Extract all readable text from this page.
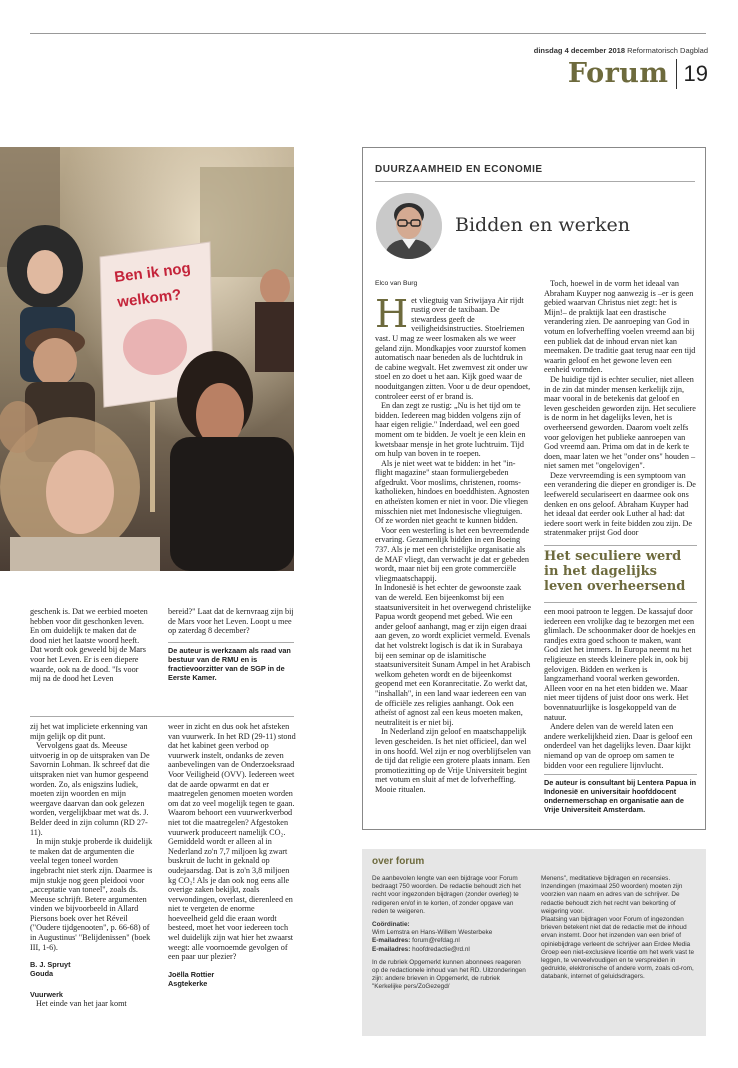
dinsdag 4 december 2018 Reformatorisch Dagblad
Forum 19
Ben ik nog
welkom?

geschenk is. Dat we eerbied moeten hebben voor dit geschonken leven. En om duidelijk te maken dat de dood niet het laatste woord heeft. Dat wordt ook geweeld bij de Mars voor het Leven. Er is een diepere waarde, ook na de dood. "Is voor mij na de dood het Leven

bereid?" Laat dat de kernvraag zijn bij de Mars voor het Leven. Loopt u mee op zaterdag 8 december?

De auteur is werkzaam als raad van bestuur van de RMU en is fractievoorzitter van de SGP in de Eerste Kamer.

zij het wat impliciete erkenning van mijn gelijk op dit punt.

Vervolgens gaat ds. Meeuse uitvoerig in op de uitspraken van De Savornin Lohman. Ik schreef dat die uitspraken niet van humor gespeend worden. Zo, als enigszins ludiek, moeten zijn woorden en mijn weergave daarvan dan ook gelezen worden, vergelijkbaar met wat ds. J. Belder deed in zijn column (RD 27-11).

In mijn stukje proberde ik duidelijk te maken dat de argumenten die veelal tegen toneel worden ingebracht niet sterk zijn. Daarmee is mijn stukje nog geen pleidooi voor „acceptatie van toneel", zoals ds. Meeuse schrijft. Betere argumenten vinden we bijvoorbeeld in Allard Piersons boek over het Réveil ("Oudere tijdgenooten", p. 66-68) of in Augustinus' "Belijdenissen" (boek III, 1-6).

B. J. Spruyt

Gouda

Vuurwerk

Het einde van het jaar komt

weer in zicht en dus ook het afsteken van vuurwerk. In het RD (29-11) stond dat het kabinet geen verbod op vuurwerk instelt, ondanks de zeven aanbevelingen van de Onderzoeksraad Voor Veiligheid (OVV). Iedereen weet dat de aarde opwarmt en dat er maatregelen genomen moeten worden om dat zo veel mogelijk tegen te gaan. Waarom behoort een vuurwerkverbod niet tot die maatregelen? Afgestoken vuurwerk produceert namelijk CO₂. Gemiddeld wordt er alleen al in Nederland zo'n 7,7 miljoen kg zwart buskruit de lucht in geknald op oudejaarsdag. Dat is zo'n 3,8 miljoen kg CO₂! Als je dan ook nog eens alle overige zaken bekijkt, zoals verwondingen, overlast, dierenleed en niet te vergeten de enorme hoeveelheid geld die eraan wordt besteed, moet het voor iedereen toch wel duidelijk zijn wat hier het zwaarst weegt: alle voornoemde gevolgen of een paar uur plezier?

Joëlla Rottier

Asgtekerke

DUURZAAMHEID EN ECONOMIE
Bidden en werken

Elco van Burg

Het vliegtuig van Sriwijaya Air rijdt rustig over de taxibaan. De stewardess geeft de veiligheidsinstructies. Stoelriemen vast. U mag ze weer losmaken als we weer geland zijn. Mondkapjes voor zuurstof komen automatisch naar beneden als de luchtdruk in de cabine wegvalt. Het zwemvest zit onder uw stoel en zo doet u het aan. Kijk goed waar de nooduitgangen zitten. Voor u de deur opendoet, controleer eerst of er brand is.

En dan zegt ze rustig: „Nu is het tijd om te bidden. Iedereen mag bidden volgens zijn of haar eigen religie." Inderdaad, wel een goed moment om te bidden. Je voelt je een klein en kwetsbaar mensje in het grote luchtruim. Tijd om hulp van boven in te roepen.

Als je niet weet wat te bidden: in het "in-flight magazine" staan formuliergebeden afgedrukt. Voor moslims, christenen, rooms-katholieken, hindoes en boeddhisten. Agnosten en atheïsten komen er niet in voor. Die vliegen misschien niet met Indonesische vliegtuigen. Of ze worden niet geacht te kunnen bidden.

Voor een westerling is het een bevreemdende ervaring. Gezamenlijk bidden in een Boeing 737. Als je met een christelijke organisatie als de MAF vliegt, dan verwacht je dat er gebeden wordt, maar niet bij een grote commerciële vliegmaatschappij.

In Indonesië is het echter de gewoonste zaak van de wereld. Een bijeenkomst bij een staatsuniversiteit in het overwegend christelijke Papua wordt geopend met gebed. Wie een ander geloof aanhangt, mag er zijn eigen draai aan geven, zo wordt expliciet vermeld. Evenals dat het volstrekt logisch is dat ik in Surabaya bij een seminar op de islamitische staatsuniversiteit Sunam Ampel in het Arabisch welkom geheten wordt en de bijeenkomst geopend met een Koranrecitatie. Zo werkt dat, "inshallah", in een land waar iedereen een van de officiële zes religies aanhangt. Ook een atheïst of agnost zal een keus moeten maken, neutraliteit is er niet bij.

In Nederland zijn geloof en maatschappelijk leven gescheiden. Is het niet officieel, dan wel in ons hoofd. Wel zijn er nog overblijfselen van de tijd dat religie een grotere plaats innam. Een promotiezitting op de Vrije Universiteit begint met votum en sluit af met de lofverheffing. Mooie ritualen.

Toch, hoewel in de vorm het ideaal van Abraham Kuyper nog aanwezig is –er is geen gebied waarvan Christus niet zegt: het is Mijn!– de praktijk laat een drastische verandering zien. De aanroeping van God in votum en lofverheffing voelen vreemd aan bij een publiek dat de inhoud ervan niet kan meemaken. De traditie gaat terug naar een tijd waarin geloof en het gewone leven een eenheid vormden.

De huidige tijd is echter seculier, niet alleen in de zin dat minder mensen kerkelijk zijn, maar vooral in de betekenis dat geloof en leven gescheiden geworden zijn. Het seculiere is de norm in het dagelijks leven, het is overheersend geworden. Daarom voelt zelfs voor gelovigen het publieke aanroepen van God vreemd aan. Prima om dat in de kerk te doen, maar laten we het "onder ons" houden – niet samen met "ongelovigen".

Deze vervreemding is een symptoom van een verandering die dieper en grondiger is. De leefwereld seculariseert en daarmee ook ons denken en ons geloof. Abraham Kuyper had het ideaal dat eerder ook Luther al had: dat iedere soort werk in feite bidden zou zijn. De stratenmaker prijst God door

Het seculiere werd in het dagelijks leven overheersend

een mooi patroon te leggen. De kassajuf door iedereen een vrolijke dag te bezorgen met een glimlach. De schoonmaker door de hoekjes en randjes extra goed schoon te maken, want God ziet het immers. In Europa neemt nu het religieuze en steeds kleinere plek in, ook bij gelovigen. Bidden en werken is langzamerhand vooral werken geworden. Alleen voor en na het eten bidden we. Maar niet meer tijdens of juist door ons werk. Het bovennatuurlijke is losgekoppeld van de natuur.

Andere delen van de wereld laten een andere werkelijkheid zien. Daar is geloof een onderdeel van het dagelijks leven. Daar kijkt niemand op van de oproep om samen te bidden voor een reguliere lijnvlucht.

De auteur is consultant bij Lentera Papua in Indonesië en universitair hoofddocent ondernemerschap en organisatie aan de Vrije Universiteit Amsterdam.

over forum

De aanbevolen lengte van een bijdrage voor Forum bedraagt 750 woorden. De redactie behoudt zich het recht voor ingezonden bijdragen (zonder overleg) te redigeren en/of in te korten, of zonder opgave van reden te weigeren.

Coördinatie:

Wim Lemstra en Hans-Willem Westerbeke

E-mailadres: forum@refdag.nl

E-mailadres: hoofdredactie@rd.nl

In de rubriek Opgemerkt kunnen abonnees reageren op de redactionele inhoud van het RD. Uitzonderingen zijn: andere brieven in Opgemerkt, de rubriek "Kerkelijke pers/ZoGezegd/

Menens", meditatieve bijdragen en recensies. Inzendingen (maximaal 250 woorden) moeten zijn voorzien van naam en adres van de schrijver. De redactie behoudt zich het recht van bekorting of weigering voor.

Plaatsing van bijdragen voor Forum of ingezonden brieven betekent niet dat de redactie met de inhoud ervan instemt. Door het inzenden van een brief of opiniebijdrage verleent de schrijver aan Erdee Media Groep een niet-exclusieve licentie om het werk vast te leggen, te verveelvoudigen en te verspreiden in gedrukte, elektronische of andere vorm, zoals cd-rom, databank, internet of geluidsdragers.
